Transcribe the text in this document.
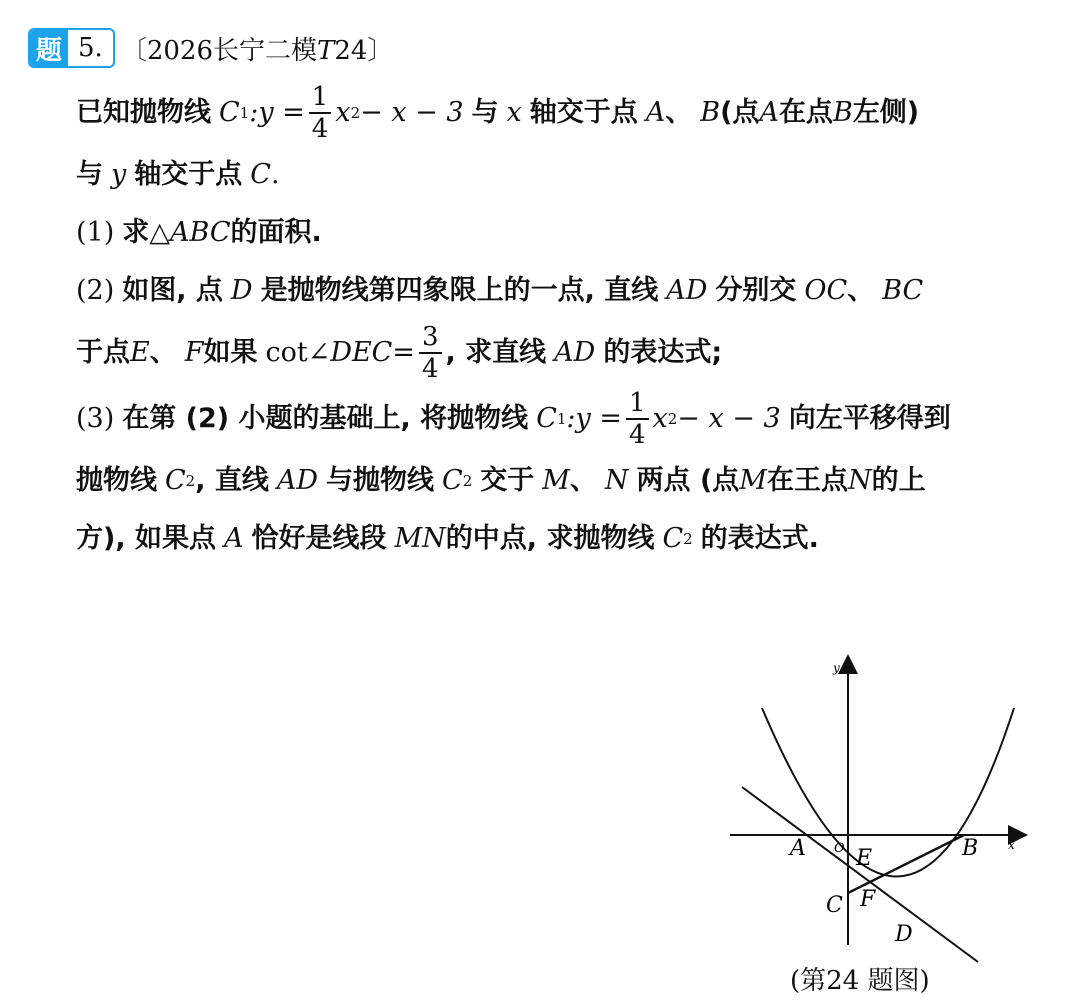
题 5. 〔2026长宁二模T24〕
已知抛物线 C 1 :y = $\frac{1}{4}$ x 2 − x − 3 与 x 轴交于点 A 、 B (点 A 在点 B 左侧)
与 y 轴交于点 C .
(1) 求 △ABC 的面积.
(2) 如图, 点 D 是抛物线第四象限上的一点, 直线 AD 分别交 OC 、 BC
于点 E 、 F 如果 cot∠ DEC = $\frac{3}{4}$ , 求直线 AD 的表达式;
(3) 在第 (2) 小题的基础上, 将抛物线 C 1 :y = $\frac{1}{4}$ x 2 − x − 3 向左平移得到
抛物线 C 2 , 直线 AD 与抛物线 C 2 交于 M 、 N 两点 (点 M 在王点 N 的上
方), 如果点 A 恰好是线段 MN 的中点, 求抛物线 C 2 的表达式.
y
x
O
A	B
E
C F
D
(第24 题图)
